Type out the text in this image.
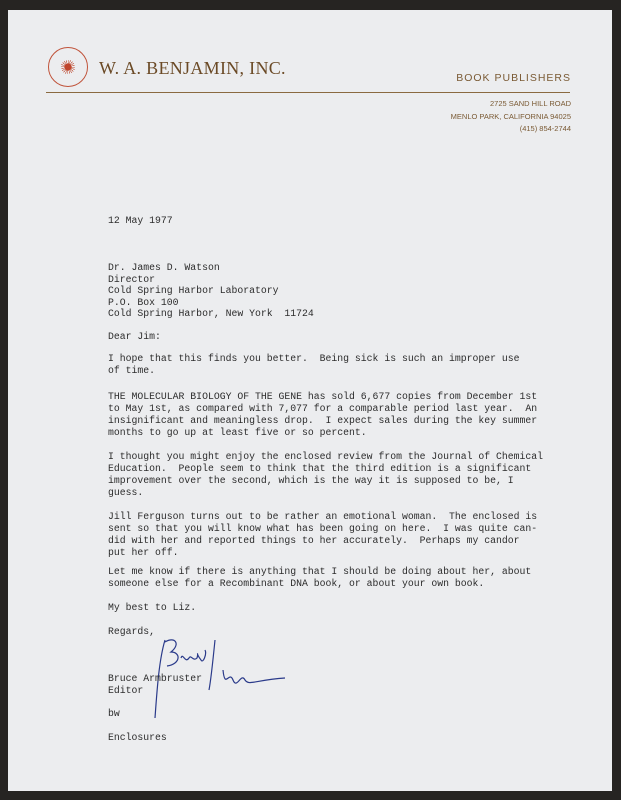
W. A. BENJAMIN, INC.	BOOK PUBLISHERS
2725 SAND HILL ROAD
MENLO PARK, CALIFORNIA 94025
(415) 854-2744
12 May 1977
Dr. James D. Watson
Director
Cold Spring Harbor Laboratory
P.O. Box 100
Cold Spring Harbor, New York  11724
Dear Jim:
I hope that this finds you better.  Being sick is such an improper use
of time.
THE MOLECULAR BIOLOGY OF THE GENE has sold 6,677 copies from December 1st
to May 1st, as compared with 7,077 for a comparable period last year.  An
insignificant and meaningless drop.  I expect sales during the key summer
months to go up at least five or so percent.
I thought you might enjoy the enclosed review from the Journal of Chemical
Education.  People seem to think that the third edition is a significant
improvement over the second, which is the way it is supposed to be, I
guess.
Jill Ferguson turns out to be rather an emotional woman.  The enclosed is
sent so that you will know what has been going on here.  I was quite can-
did with her and reported things to her accurately.  Perhaps my candor
put her off.
Let me know if there is anything that I should be doing about her, about
someone else for a Recombinant DNA book, or about your own book.
My best to Liz.
Regards,
Bruce Armbruster
Editor
bw
Enclosures
